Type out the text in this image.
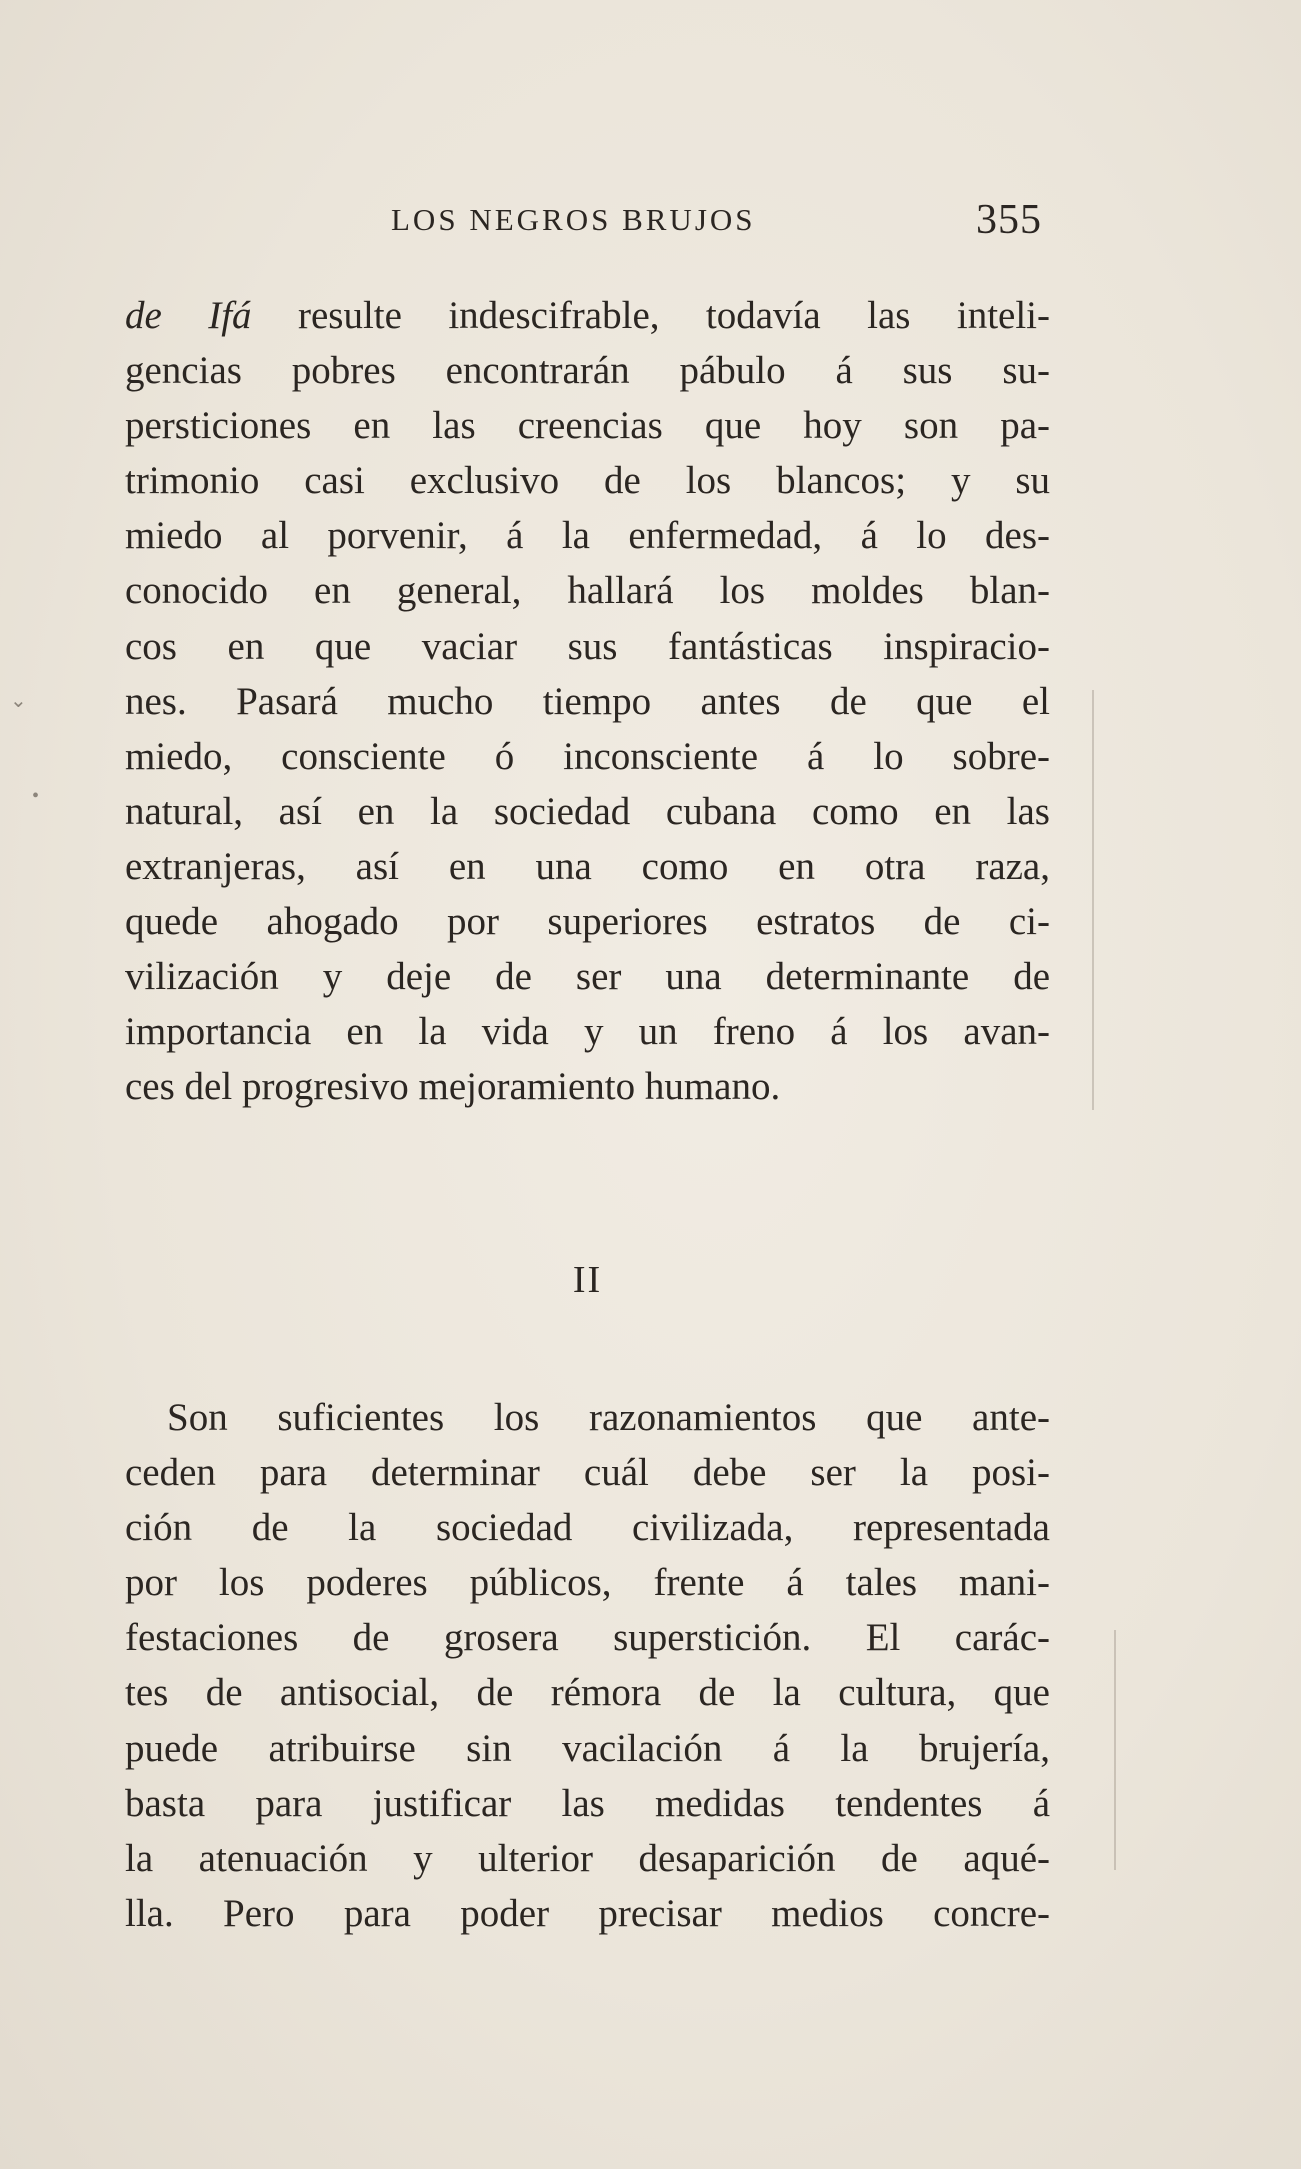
LOS NEGROS BRUJOS	355
de Ifá resulte indescifrable, todavía las inteli-
gencias pobres encontrarán pábulo á sus su-
persticiones en las creencias que hoy son pa-
trimonio casi exclusivo de los blancos; y su
miedo al porvenir, á la enfermedad, á lo des-
conocido en general, hallará los moldes blan-
cos en que vaciar sus fantásticas inspiracio-
nes. Pasará mucho tiempo antes de que el
miedo, consciente ó inconsciente á lo sobre-
natural, así en la sociedad cubana como en las
extranjeras, así en una como en otra raza,
quede ahogado por superiores estratos de ci-
vilización y deje de ser una determinante de
importancia en la vida y un freno á los avan-
ces del progresivo mejoramiento humano.
II
Son suficientes los razonamientos que ante-
ceden para determinar cuál debe ser la posi-
ción de la sociedad civilizada, representada
por los poderes públicos, frente á tales mani-
festaciones de grosera superstición. El carác-
tes de antisocial, de rémora de la cultura, que
puede atribuirse sin vacilación á la brujería,
basta para justificar las medidas tendentes á
la atenuación y ulterior desaparición de aqué-
lla. Pero para poder precisar medios concre-
⌄
•
